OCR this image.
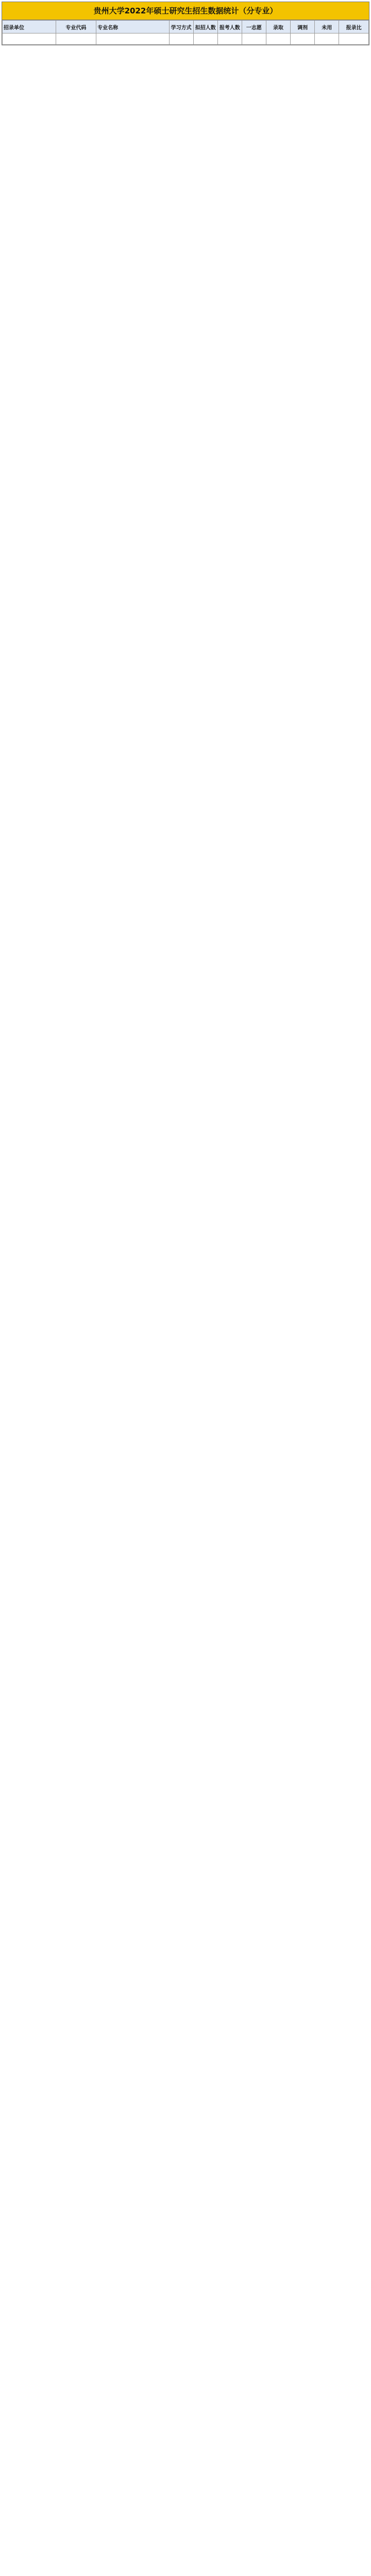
贵州大学2022年硕士研究生招生数据统计（分专业）
招录单位	专业代码	专业名称	学习方式	拟招人数	报考人数	一志愿	录取	调剂	未用	报录比
